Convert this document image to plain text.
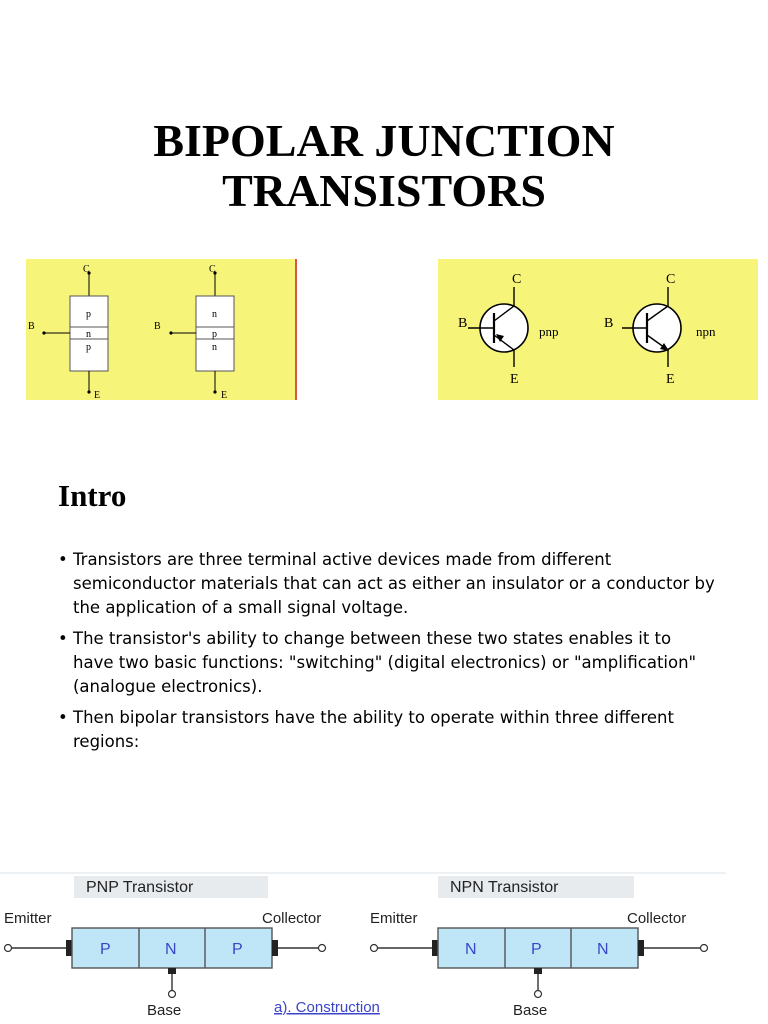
BIPOLAR JUNCTION
TRANSISTORS
C
p
n
p
B
E
C
n
p
n
B
E
C
B
E
pnp
C
B
E
npn
Intro
• Transistors are three terminal active devices made from different semiconductor materials that can act as either an insulator or a conductor by the application of a small signal voltage.
• The transistor's ability to change between these two states enables it to have two basic functions: "switching" (digital electronics) or "amplification" (analogue electronics).
• Then bipolar transistors have the ability to operate within three different regions:
PNP Transistor
Emitter	Collector
P	N	P
Base
NPN Transistor
Emitter	Collector
N	P	N
Base
a). Construction
